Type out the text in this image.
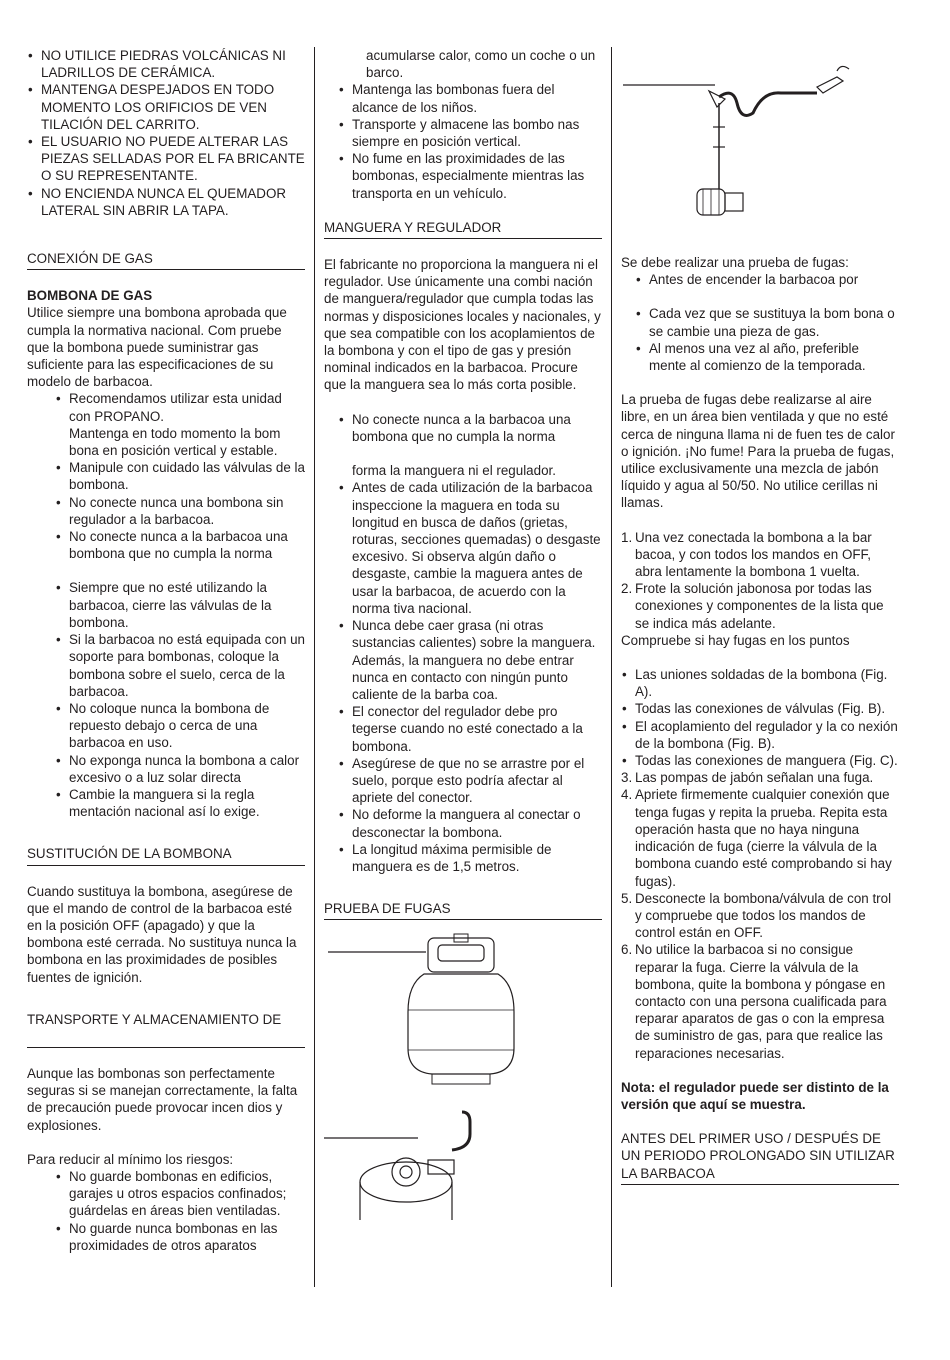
• NO UTILICE PIEDRAS VOLCÁNICAS NI LADRILLOS DE CERÁMICA.
• MANTENGA DESPEJADOS EN TODO MOMENTO LOS ORIFICIOS DE VEN TILACIÓN DEL CARRITO.
• EL USUARIO NO PUEDE ALTERAR LAS PIEZAS SELLADAS POR EL FA BRICANTE O SU REPRESENTANTE.
• NO ENCIENDA NUNCA EL QUEMADOR LATERAL SIN ABRIR LA TAPA.

CONEXIÓN DE GAS

BOMBONA DE GAS

Utilice siempre una bombona aprobada que cumpla la normativa nacional. Com pruebe que la bombona puede suministrar gas suficiente para las especificaciones de su modelo de barbacoa.

• Recomendamos utilizar esta unidad con PROPANO.
Mantenga en todo momento la bom bona en posición vertical y estable.
• Manipule con cuidado las válvulas de la bombona.
• No conecte nunca una bombona sin regulador a la barbacoa.
• No conecte nunca a la barbacoa una bombona que no cumpla la norma
• Siempre que no esté utilizando la barbacoa, cierre las válvulas de la bombona.
• Si la barbacoa no está equipada con un soporte para bombonas, coloque la bombona sobre el suelo, cerca de la barbacoa.
• No coloque nunca la bombona de repuesto debajo o cerca de una barbacoa en uso.
• No exponga nunca la bombona a calor excesivo o a luz solar directa
• Cambie la manguera si la regla mentación nacional así lo exige.

SUSTITUCIÓN DE LA BOMBONA

Cuando sustituya la bombona, asegúrese de que el mando de control de la barbacoa esté en la posición OFF (apagado) y que la bombona esté cerrada. No sustituya nunca la bombona en las proximidades de posibles fuentes de ignición.

TRANSPORTE Y ALMACENAMIENTO DE

Aunque las bombonas son perfectamente seguras si se manejan correctamente, la falta de precaución puede provocar incen dios y explosiones.

Para reducir al mínimo los riesgos:

• No guarde bombonas en edificios, garajes u otros espacios confinados; guárdelas en áreas bien ventiladas.
• No guarde nunca bombonas en las proximidades de otros aparatos

acumularse calor, como un coche o un barco.

• Mantenga las bombonas fuera del alcance de los niños.
• Transporte y almacene las bombo nas siempre en posición vertical.
• No fume en las proximidades de las bombonas, especialmente mientras las transporta en un vehículo.

MANGUERA Y REGULADOR

El fabricante no proporciona la manguera ni el regulador. Use únicamente una combi nación de manguera/regulador que cumpla todas las normas y disposiciones locales y nacionales, y que sea compatible con los acoplamientos de la bombona y con el tipo de gas y presión nominal indicados en la barbacoa. Procure que la manguera sea lo más corta posible.

• No conecte nunca a la barbacoa una bombona que no cumpla la norma

forma la manguera ni el regulador.
• Antes de cada utilización de la barbacoa inspeccione la maguera en toda su longitud en busca de daños (grietas, roturas, secciones quemadas) o desgaste excesivo. Si observa algún daño o desgaste, cambie la maguera antes de usar la barbacoa, de acuerdo con la norma tiva nacional.
• Nunca debe caer grasa (ni otras sustancias calientes) sobre la manguera. Además, la manguera no debe entrar nunca en contacto con ningún punto caliente de la barba coa.
• El conector del regulador debe pro tegerse cuando no esté conectado a la bombona.
• Asegúrese de que no se arrastre por el suelo, porque esto podría afectar al apriete del conector.
• No deforme la manguera al conectar o desconectar la bombona.
• La longitud máxima permisible de manguera es de 1,5 metros.

PRUEBA DE FUGAS

Se debe realizar una prueba de fugas:

• Antes de encender la barbacoa por
• Cada vez que se sustituya la bom bona o se cambie una pieza de gas.
• Al menos una vez al año, preferible mente al comienzo de la temporada.

La prueba de fugas debe realizarse al aire libre, en un área bien ventilada y que no esté cerca de ninguna llama ni de fuen tes de calor o ignición. ¡No fume! Para la prueba de fugas, utilice exclusivamente una mezcla de jabón líquido y agua al 50/50. No utilice cerillas ni llamas.

1. Una vez conectada la bombona a la bar bacoa, y con todos los mandos en OFF, abra lentamente la bombona 1 vuelta.
2. Frote la solución jabonosa por todas las conexiones y componentes de la lista que se indica más adelante.

Compruebe si hay fugas en los puntos

• Las uniones soldadas de la bombona (Fig. A).
• Todas las conexiones de válvulas (Fig. B).
• El acoplamiento del regulador y la co nexión de la bombona (Fig. B).
• Todas las conexiones de manguera (Fig. C).
3. Las pompas de jabón señalan una fuga.
4. Apriete firmemente cualquier conexión que tenga fugas y repita la prueba. Repita esta operación hasta que no haya ninguna indicación de fuga (cierre la válvula de la bombona cuando esté comprobando si hay fugas).
5. Desconecte la bombona/válvula de con trol y compruebe que todos los mandos de control están en OFF.
6. No utilice la barbacoa si no consigue reparar la fuga. Cierre la válvula de la bombona, quite la bombona y póngase en contacto con una persona cualificada para reparar aparatos de gas o con la empresa de suministro de gas, para que realice las reparaciones necesarias.

Nota: el regulador puede ser distinto de la versión que aquí se muestra.

ANTES DEL PRIMER USO / DESPUÉS DE UN PERIODO PROLONGADO SIN UTILIZAR LA BARBACOA
